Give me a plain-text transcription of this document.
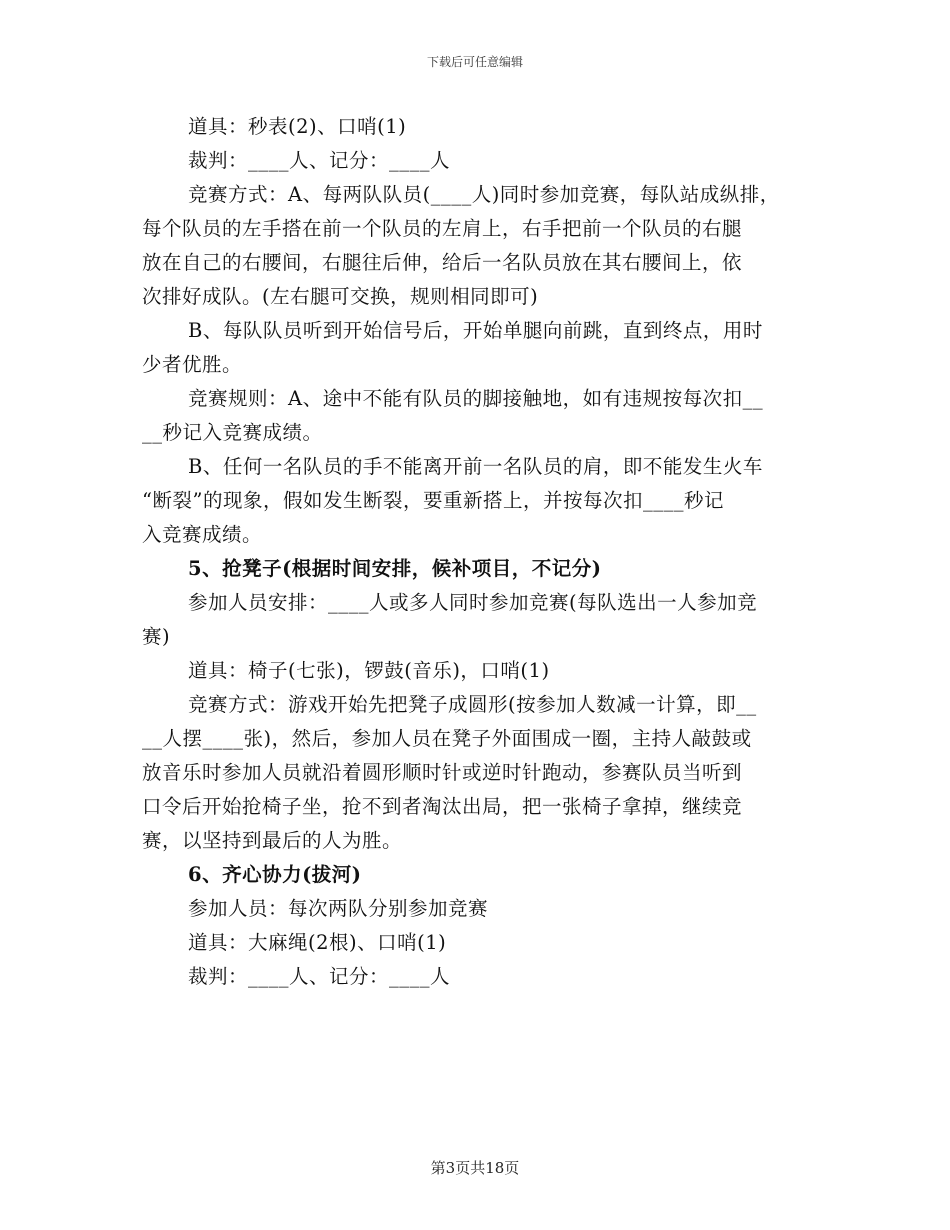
下载后可任意编辑

道具：秒表(2)、口哨(1)

裁判：____人、记分：____人

竞赛方式：A、每两队队员(____人)同时参加竞赛，每队站成纵排，

每个队员的左手搭在前一个队员的左肩上，右手把前一个队员的右腿

放在自己的右腰间，右腿往后伸，给后一名队员放在其右腰间上，依

次排好成队。(左右腿可交换，规则相同即可)

B、每队队员听到开始信号后，开始单腿向前跳，直到终点，用时

少者优胜。

竞赛规则：A、途中不能有队员的脚接触地，如有违规按每次扣__

__秒记入竞赛成绩。

B、任何一名队员的手不能离开前一名队员的肩，即不能发生火车

“断裂”的现象，假如发生断裂，要重新搭上，并按每次扣____秒记

入竞赛成绩。

5、抢凳子(根据时间安排，候补项目，不记分)

参加人员安排：____人或多人同时参加竞赛(每队选出一人参加竞

赛)

道具：椅子(七张)，锣鼓(音乐)，口哨(1)

竞赛方式：游戏开始先把凳子成圆形(按参加人数减一计算，即__

__人摆____张)，然后，参加人员在凳子外面围成一圈，主持人敲鼓或

放音乐时参加人员就沿着圆形顺时针或逆时针跑动，参赛队员当听到

口令后开始抢椅子坐，抢不到者淘汰出局，把一张椅子拿掉，继续竞

赛，以坚持到最后的人为胜。

6、齐心协力(拔河)

参加人员：每次两队分别参加竞赛

道具：大麻绳(2根)、口哨(1)

裁判：____人、记分：____人

第3页共18页
